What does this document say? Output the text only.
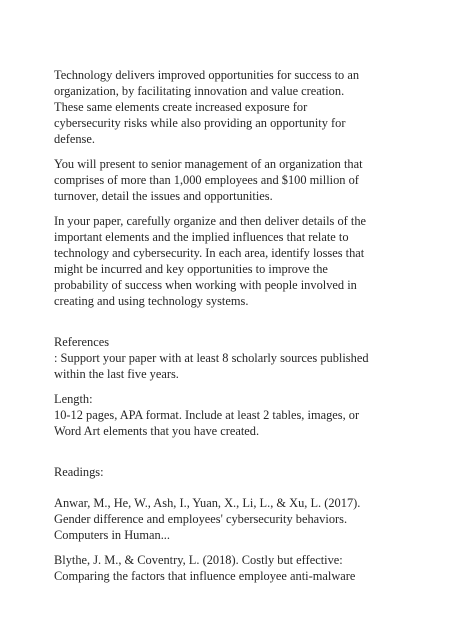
Technology delivers improved opportunities for success to an

organization, by facilitating innovation and value creation.

These same elements create increased exposure for

cybersecurity risks while also providing an opportunity for

defense.

You will present to senior management of an organization that

comprises of more than 1,000 employees and $100 million of

turnover, detail the issues and opportunities.

In your paper, carefully organize and then deliver details of the

important elements and the implied influences that relate to

technology and cybersecurity. In each area, identify losses that

might be incurred and key opportunities to improve the

probability of success when working with people involved in

creating and using technology systems.

References

: Support your paper with at least 8 scholarly sources published

within the last five years.

Length:

10-12 pages, APA format. Include at least 2 tables, images, or

Word Art elements that you have created.

Readings:

Anwar, M., He, W., Ash, I., Yuan, X., Li, L., & Xu, L. (2017).

Gender difference and employees' cybersecurity behaviors.

Computers in Human...

Blythe, J. M., & Coventry, L. (2018). Costly but effective:

Comparing the factors that influence employee anti-malware
